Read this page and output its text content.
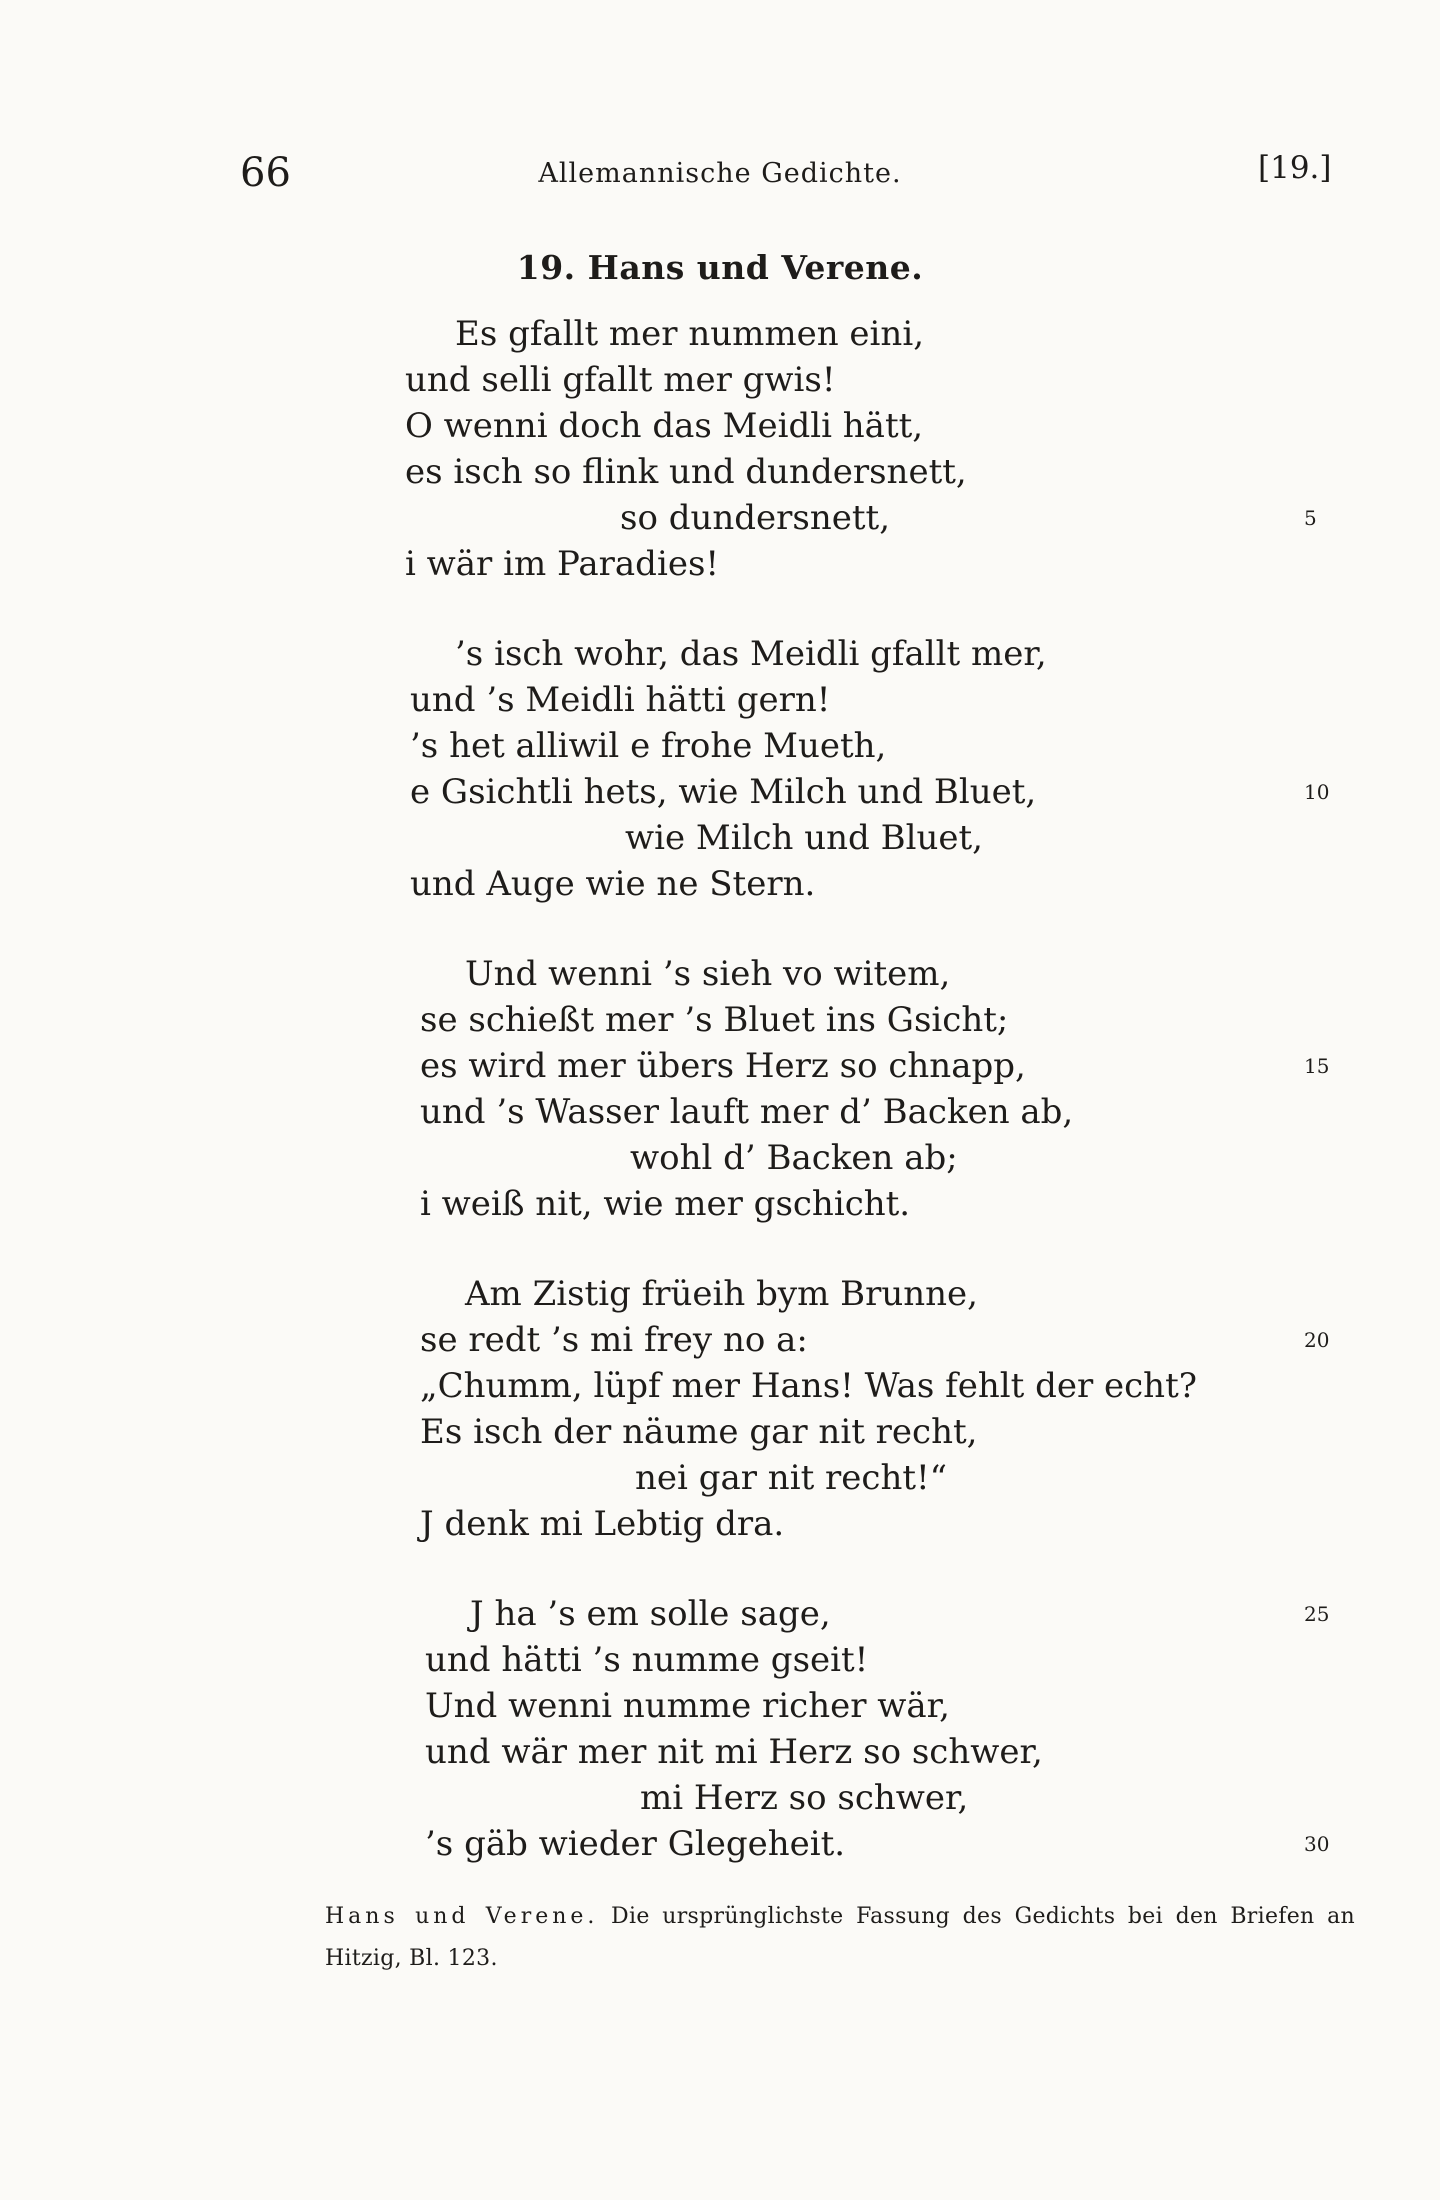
66	Allemannische Gedichte.	[19.]
19. Hans und Verene.
Es gfallt mer nummen eini,
und selli gfallt mer gwis!
O wenni doch das Meidli hätt,
es isch so flink und dundersnett,
so dundersnett,
i wär im Paradies!
5
’s isch wohr, das Meidli gfallt mer,
und ’s Meidli hätti gern!
’s het alliwil e frohe Mueth,
e Gsichtli hets, wie Milch und Bluet,
wie Milch und Bluet,
und Auge wie ne Stern.
10
Und wenni ’s sieh vo witem,
se schießt mer ’s Bluet ins Gsicht;
es wird mer übers Herz so chnapp,
und ’s Wasser lauft mer d’ Backen ab,
wohl d’ Backen ab;
i weiß nit, wie mer gschicht.
15
Am Zistig früeih bym Brunne,
se redt ’s mi frey no a:
„Chumm, lüpf mer Hans! Was fehlt der echt?
Es isch der näume gar nit recht,
nei gar nit recht!“
J denk mi Lebtig dra.
20
J ha ’s em solle sage,
und hätti ’s numme gseit!
Und wenni numme richer wär,
und wär mer nit mi Herz so schwer,
mi Herz so schwer,
’s gäb wieder Glegeheit.
25
30
Hans und Verene. Die ursprünglichste Fassung des Gedichts bei den Briefen an Hitzig, Bl. 123.
